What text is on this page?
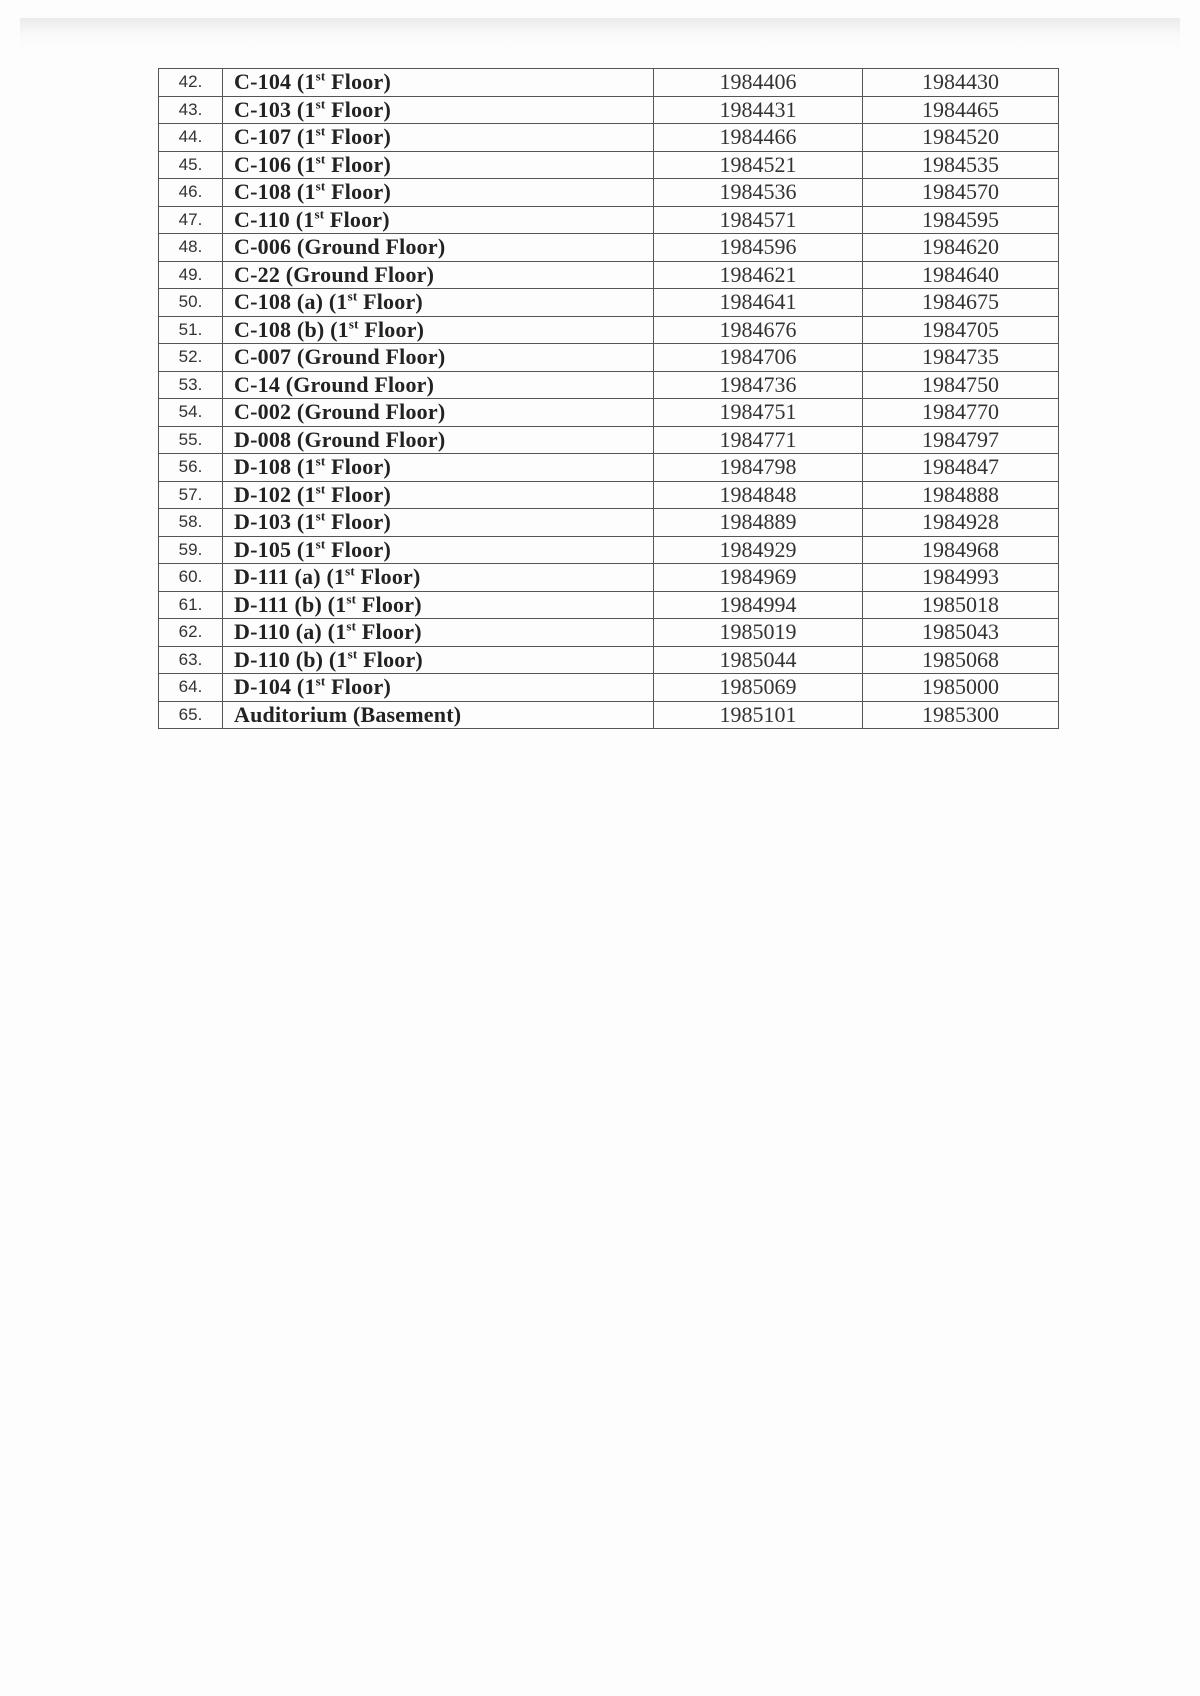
42.	C-104 (1st Floor)	1984406	1984430
43.	C-103 (1st Floor)	1984431	1984465
44.	C-107 (1st Floor)	1984466	1984520
45.	C-106 (1st Floor)	1984521	1984535
46.	C-108 (1st Floor)	1984536	1984570
47.	C-110 (1st Floor)	1984571	1984595
48.	C-006 (Ground Floor)	1984596	1984620
49.	C-22 (Ground Floor)	1984621	1984640
50.	C-108 (a) (1st Floor)	1984641	1984675
51.	C-108 (b) (1st Floor)	1984676	1984705
52.	C-007 (Ground Floor)	1984706	1984735
53.	C-14 (Ground Floor)	1984736	1984750
54.	C-002 (Ground Floor)	1984751	1984770
55.	D-008 (Ground Floor)	1984771	1984797
56.	D-108 (1st Floor)	1984798	1984847
57.	D-102 (1st Floor)	1984848	1984888
58.	D-103 (1st Floor)	1984889	1984928
59.	D-105 (1st Floor)	1984929	1984968
60.	D-111 (a) (1st Floor)	1984969	1984993
61.	D-111 (b) (1st Floor)	1984994	1985018
62.	D-110 (a) (1st Floor)	1985019	1985043
63.	D-110 (b) (1st Floor)	1985044	1985068
64.	D-104 (1st Floor)	1985069	1985000
65.	Auditorium (Basement)	1985101	1985300
